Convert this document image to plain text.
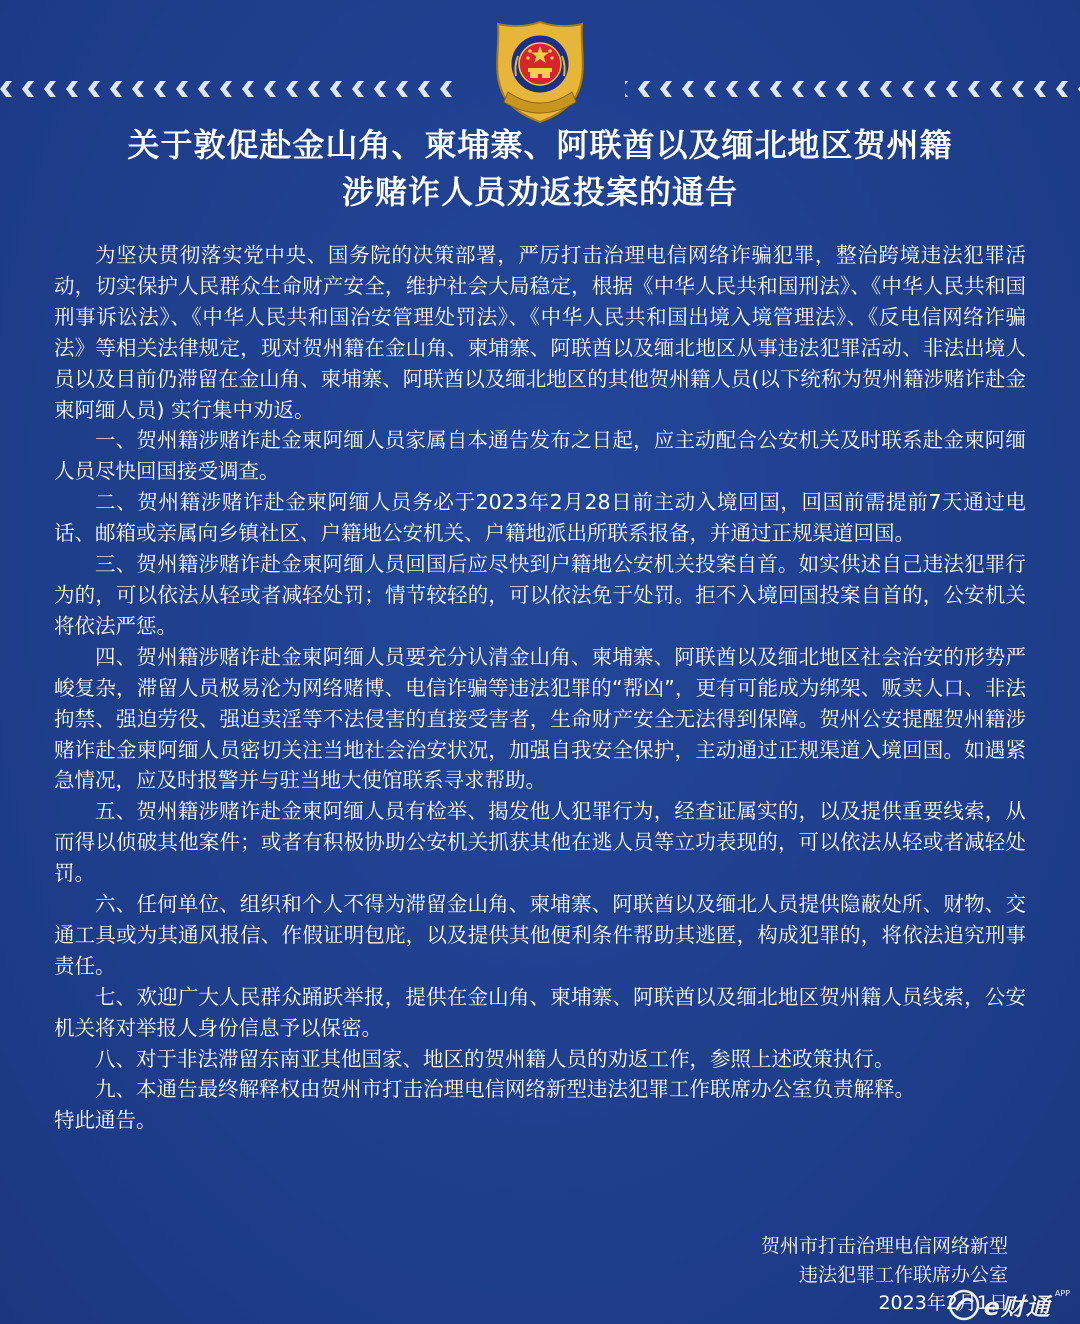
关于敦促赴金山角、柬埔寨、阿联酋以及缅北地区贺州籍
涉赌诈人员劝返投案的通告

为坚决贯彻落实党中央、国务院的决策部署，严厉打击治理电信网络诈骗犯罪，整治跨境违法犯罪活动，切实保护人民群众生命财产安全，维护社会大局稳定，根据《中华人民共和国刑法》、《中华人民共和国刑事诉讼法》、《中华人民共和国治安管理处罚法》、《中华人民共和国出境入境管理法》、《反电信网络诈骗法》等相关法律规定，现对贺州籍在金山角、柬埔寨、阿联酋以及缅北地区从事违法犯罪活动、非法出境人员以及目前仍滞留在金山角、柬埔寨、阿联酋以及缅北地区的其他贺州籍人员(以下统称为贺州籍涉赌诈赴金柬阿缅人员) 实行集中劝返。

一、贺州籍涉赌诈赴金柬阿缅人员家属自本通告发布之日起，应主动配合公安机关及时联系赴金柬阿缅人员尽快回国接受调查。

二、贺州籍涉赌诈赴金柬阿缅人员务必于2023年2月28日前主动入境回国，回国前需提前7天通过电话、邮箱或亲属向乡镇社区、户籍地公安机关、户籍地派出所联系报备，并通过正规渠道回国。

三、贺州籍涉赌诈赴金柬阿缅人员回国后应尽快到户籍地公安机关投案自首。如实供述自己违法犯罪行为的，可以依法从轻或者减轻处罚；情节较轻的，可以依法免于处罚。拒不入境回国投案自首的，公安机关将依法严惩。

四、贺州籍涉赌诈赴金柬阿缅人员要充分认清金山角、柬埔寨、阿联酋以及缅北地区社会治安的形势严峻复杂，滞留人员极易沦为网络赌博、电信诈骗等违法犯罪的“帮凶”，更有可能成为绑架、贩卖人口、非法拘禁、强迫劳役、强迫卖淫等不法侵害的直接受害者，生命财产安全无法得到保障。贺州公安提醒贺州籍涉赌诈赴金柬阿缅人员密切关注当地社会治安状况，加强自我安全保护，主动通过正规渠道入境回国。如遇紧急情况，应及时报警并与驻当地大使馆联系寻求帮助。

五、贺州籍涉赌诈赴金柬阿缅人员有检举、揭发他人犯罪行为，经查证属实的，以及提供重要线索，从而得以侦破其他案件；或者有积极协助公安机关抓获其他在逃人员等立功表现的，可以依法从轻或者减轻处罚。

六、任何单位、组织和个人不得为滞留金山角、柬埔寨、阿联酋以及缅北人员提供隐蔽处所、财物、交通工具或为其通风报信、作假证明包庇，以及提供其他便利条件帮助其逃匿，构成犯罪的，将依法追究刑事责任。

七、欢迎广大人民群众踊跃举报，提供在金山角、柬埔寨、阿联酋以及缅北地区贺州籍人员线索，公安机关将对举报人身份信息予以保密。

八、对于非法滞留东南亚其他国家、地区的贺州籍人员的劝返工作，参照上述政策执行。

九、本通告最终解释权由贺州市打击治理电信网络新型违法犯罪工作联席办公室负责解释。

特此通告。

贺州市打击治理电信网络新型
违法犯罪工作联席办公室
2023年2月1日
e财通 APP
